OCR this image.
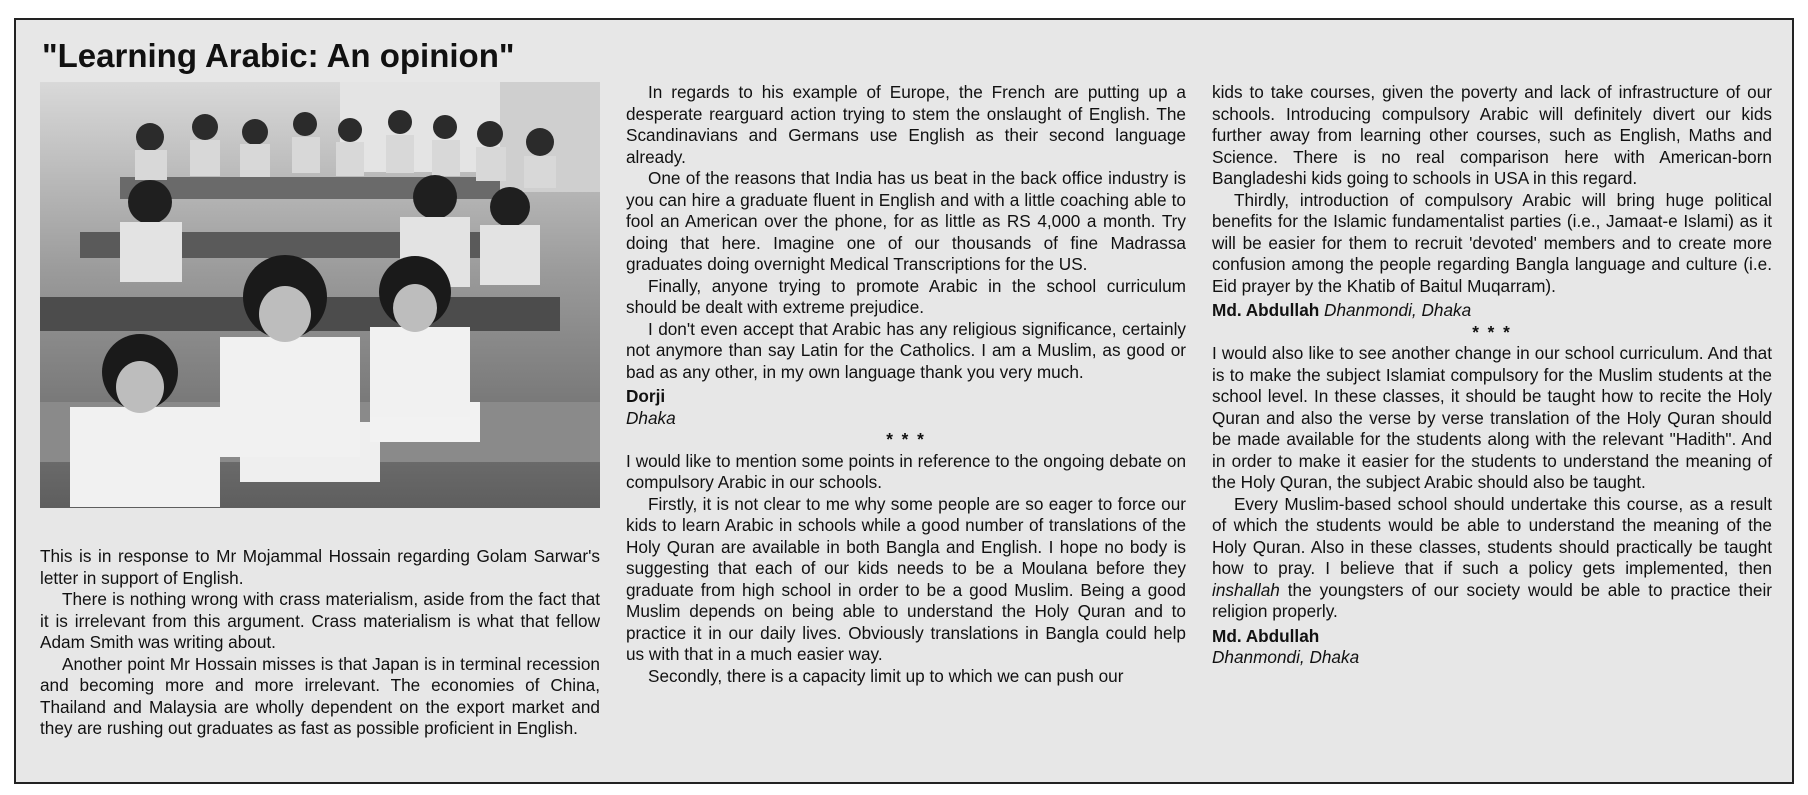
"Learning Arabic: An opinion"

This is in response to Mr Mojammal Hossain regarding Golam Sarwar's letter in support of English.

There is nothing wrong with crass materialism, aside from the fact that it is irrelevant from this argument. Crass materialism is what that fellow Adam Smith was writing about.

Another point Mr Hossain misses is that Japan is in terminal recession and becoming more and more irrelevant. The economies of China, Thailand and Malaysia are wholly dependent on the export market and they are rushing out graduates as fast as possible proficient in English.

In regards to his example of Europe, the French are putting up a desperate rearguard action trying to stem the onslaught of English. The Scandinavians and Germans use English as their second language already.

One of the reasons that India has us beat in the back office industry is you can hire a graduate fluent in English and with a little coaching able to fool an American over the phone, for as little as RS 4,000 a month. Try doing that here. Imagine one of our thousands of fine Madrassa graduates doing overnight Medical Transcriptions for the US.

Finally, anyone trying to promote Arabic in the school curriculum should be dealt with extreme prejudice.

I don't even accept that Arabic has any religious significance, certainly not anymore than say Latin for the Catholics. I am a Muslim, as good or bad as any other, in my own language thank you very much.

Dorji
Dhaka

* * *

I would like to mention some points in reference to the ongoing debate on compulsory Arabic in our schools.

Firstly, it is not clear to me why some people are so eager to force our kids to learn Arabic in schools while a good number of translations of the Holy Quran are available in both Bangla and English. I hope no body is suggesting that each of our kids needs to be a Moulana before they graduate from high school in order to be a good Muslim. Being a good Muslim depends on being able to understand the Holy Quran and to practice it in our daily lives. Obviously translations in Bangla could help us with that in a much easier way.

Secondly, there is a capacity limit up to which we can push our

kids to take courses, given the poverty and lack of infrastructure of our schools. Introducing compulsory Arabic will definitely divert our kids further away from learning other courses, such as English, Maths and Science. There is no real comparison here with American-born Bangladeshi kids going to schools in USA in this regard.

Thirdly, introduction of compulsory Arabic will bring huge political benefits for the Islamic fundamentalist parties (i.e., Jamaat-e Islami) as it will be easier for them to recruit 'devoted' members and to create more confusion among the people regarding Bangla language and culture (i.e. Eid prayer by the Khatib of Baitul Muqarram).

Md. Abdullah Dhanmondi, Dhaka

* * *

I would also like to see another change in our school curriculum. And that is to make the subject Islamiat compulsory for the Muslim students at the school level. In these classes, it should be taught how to recite the Holy Quran and also the verse by verse translation of the Holy Quran should be made available for the students along with the relevant "Hadith". And in order to make it easier for the students to understand the meaning of the Holy Quran, the subject Arabic should also be taught.

Every Muslim-based school should undertake this course, as a result of which the students would be able to understand the meaning of the Holy Quran. Also in these classes, students should practically be taught how to pray. I believe that if such a policy gets implemented, then inshallah the youngsters of our society would be able to practice their religion properly.

Md. Abdullah
Dhanmondi, Dhaka
